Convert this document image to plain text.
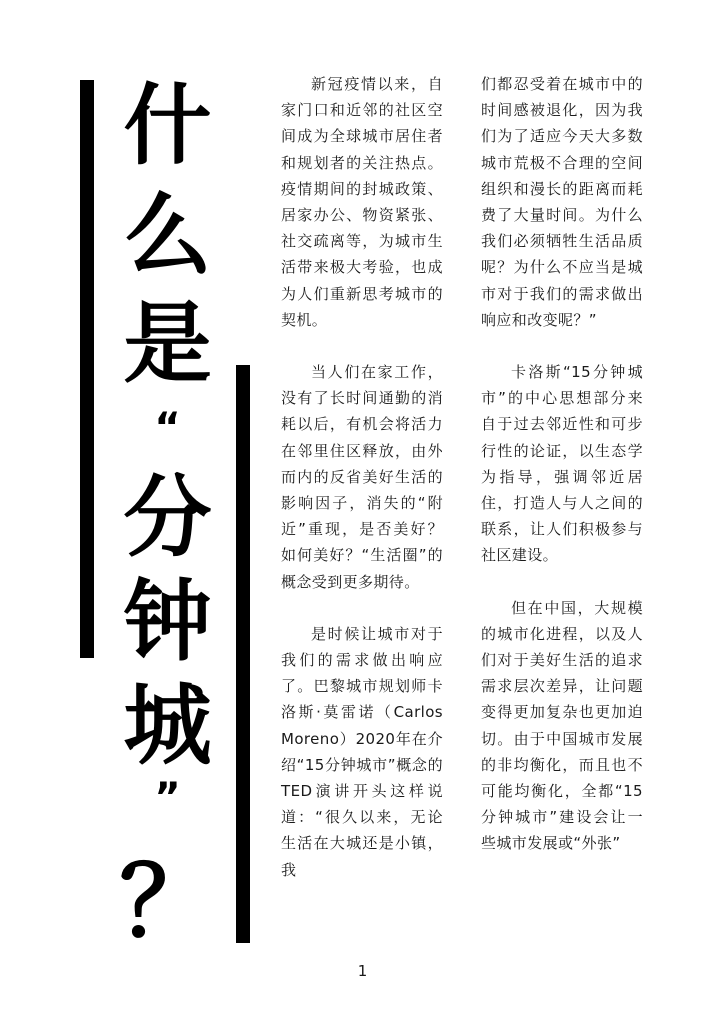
什
么
是
“
分
钟
城
”
？

新冠疫情以来，自家门口和近邻的社区空间成为全球城市居住者和规划者的关注热点。疫情期间的封城政策、居家办公、物资紧张、社交疏离等，为城市生活带来极大考验，也成为人们重新思考城市的契机。

当人们在家工作，没有了长时间通勤的消耗以后，有机会将活力在邻里住区释放，由外而内的反省美好生活的影响因子，消失的“附近”重现，是否美好？如何美好？“生活圈”的概念受到更多期待。

是时候让城市对于我们的需求做出响应了。巴黎城市规划师卡洛斯·莫雷诺（Carlos Moreno）2020年在介绍“15分钟城市”概念的TED演讲开头这样说道：“很久以来，无论生活在大城还是小镇，我

们都忍受着在城市中的时间感被退化，因为我们为了适应今天大多数城市荒极不合理的空间组织和漫长的距离而耗费了大量时间。为什么我们必须牺牲生活品质呢？为什么不应当是城市对于我们的需求做出响应和改变呢？”

卡洛斯“15分钟城市”的中心思想部分来自于过去邻近性和可步行性的论证，以生态学为指导，强调邻近居住，打造人与人之间的联系，让人们积极参与社区建设。

但在中国，大规模的城市化进程，以及人们对于美好生活的追求需求层次差异，让问题变得更加复杂也更加迫切。由于中国城市发展的非均衡化，而且也不可能均衡化，全都“15分钟城市”建设会让一些城市发展或“外张”

1
